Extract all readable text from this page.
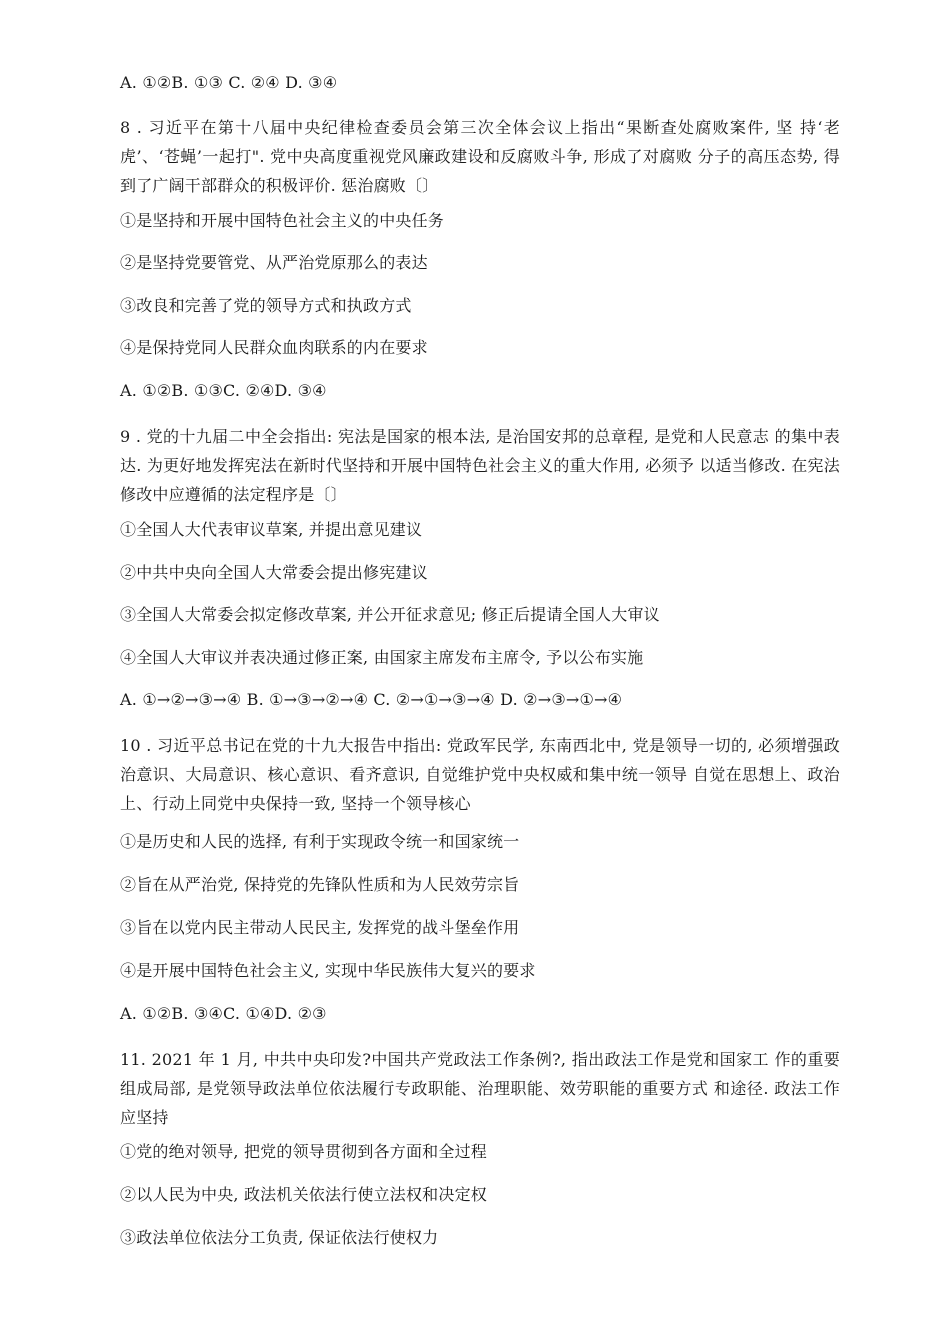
A. ①②B. ①③ C. ②④ D. ③④
8 . 习近平在第十八届中央纪律检查委员会第三次全体会议上指出“果断查处腐败案件, 坚 持‘老虎’、‘苍蝇’一起打". 党中央高度重视党风廉政建设和反腐败斗争, 形成了对腐败 分子的高压态势, 得到了广阔干部群众的积极评价. 惩治腐败〔〕
①是坚持和开展中国特色社会主义的中央任务
②是坚持党要管党、从严治党原那么的表达
③改良和完善了党的领导方式和执政方式
④是保持党同人民群众血肉联系的内在要求
A. ①②B. ①③C. ②④D. ③④
9 . 党的十九届二中全会指出: 宪法是国家的根本法, 是治国安邦的总章程, 是党和人民意志 的集中表达. 为更好地发挥宪法在新时代坚持和开展中国特色社会主义的重大作用, 必须予 以适当修改. 在宪法修改中应遵循的法定程序是〔〕
①全国人大代表审议草案, 并提出意见建议
②中共中央向全国人大常委会提出修宪建议
③全国人大常委会拟定修改草案, 并公开征求意见; 修正后提请全国人大审议
④全国人大审议并表决通过修正案, 由国家主席发布主席令, 予以公布实施
A. ①→②→③→④ B. ①→③→②→④ C. ②→①→③→④ D. ②→③→①→④
10 . 习近平总书记在党的十九大报告中指出: 党政军民学, 东南西北中, 党是领导一切的, 必须增强政治意识、大局意识、核心意识、看齐意识, 自觉维护党中央权威和集中统一领导 自觉在思想上、政治上、行动上同党中央保持一致, 坚持一个领导核心
①是历史和人民的选择, 有利于实现政令统一和国家统一
②旨在从严治党, 保持党的先锋队性质和为人民效劳宗旨
③旨在以党内民主带动人民民主, 发挥党的战斗堡垒作用
④是开展中国特色社会主义, 实现中华民族伟大复兴的要求
A. ①②B. ③④C. ①④D. ②③
11. 2021 年 1 月, 中共中央印发?中国共产党政法工作条例?, 指出政法工作是党和国家工 作的重要组成局部, 是党领导政法单位依法履行专政职能、治理职能、效劳职能的重要方式 和途径. 政法工作应坚持
①党的绝对领导, 把党的领导贯彻到各方面和全过程
②以人民为中央, 政法机关依法行使立法权和决定权
③政法单位依法分工负责, 保证依法行使权力
